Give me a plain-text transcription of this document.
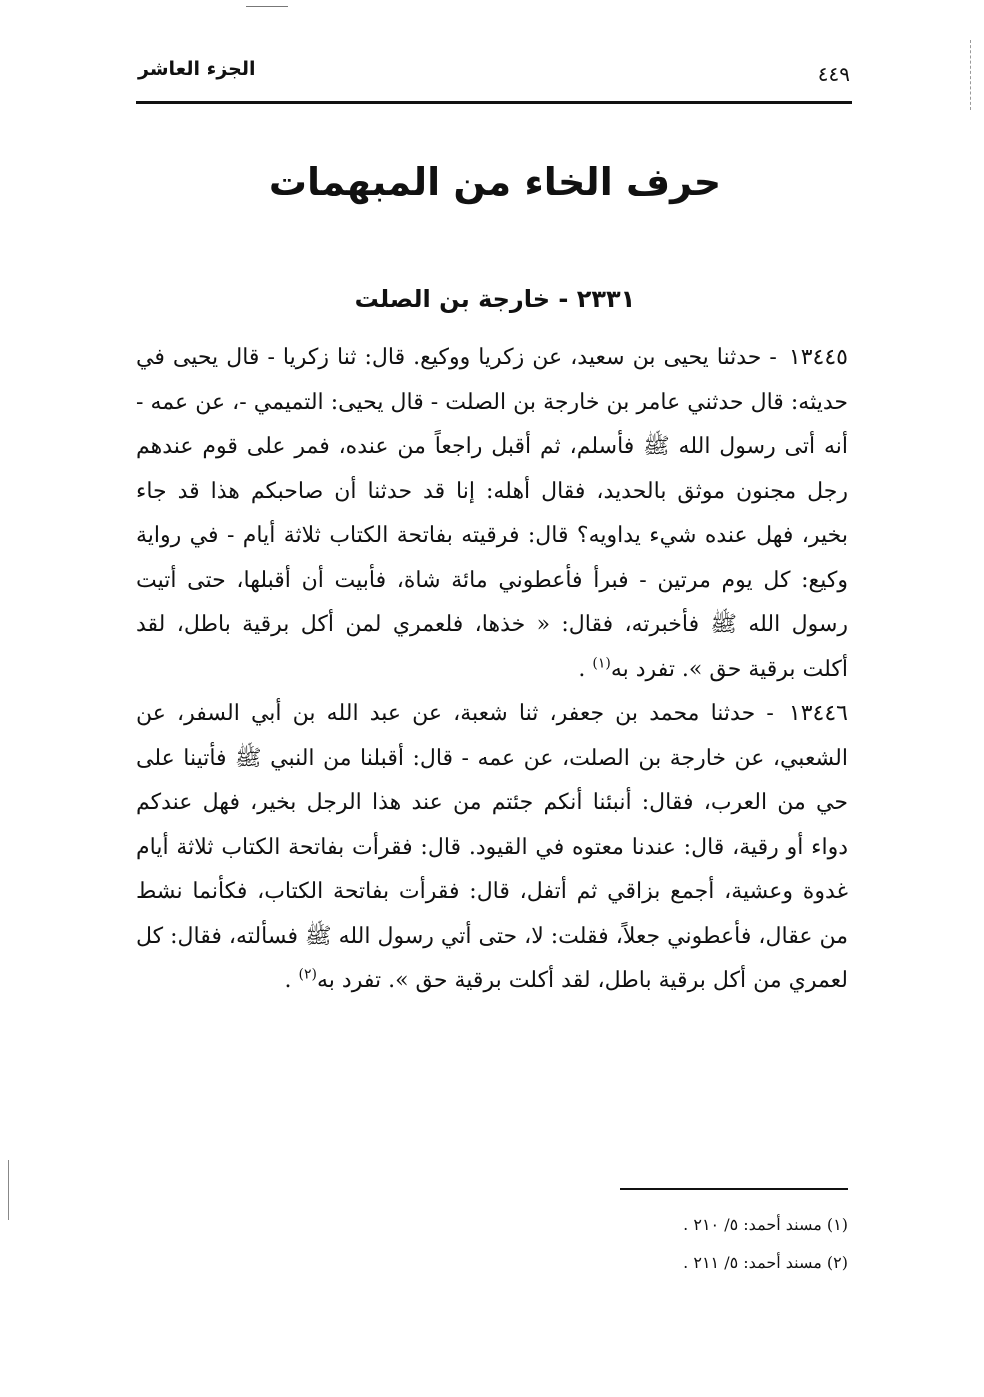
٤٤٩
الجزء العاشر
حرف الخاء من المبهمات
٢٣٣١ - خارجة بن الصلت

١٣٤٤٥ - حدثنا يحيى بن سعيد، عن زكريا ووكيع. قال: ثنا زكريا - قال يحيى في حديثه: قال حدثني عامر بن خارجة بن الصلت - قال يحيى: التميمي -، عن عمه - أنه أتى رسول الله ﷺ فأسلم، ثم أقبل راجعاً من عنده، فمر على قوم عندهم رجل مجنون موثق بالحديد، فقال أهله: إنا قد حدثنا أن صاحبكم هذا قد جاء بخير، فهل عنده شيء يداويه؟ قال: فرقيته بفاتحة الكتاب ثلاثة أيام - في رواية وكيع: كل يوم مرتين - فبرأ فأعطوني مائة شاة، فأبيت أن أقبلها، حتى أتيت رسول الله ﷺ فأخبرته، فقال: « خذها، فلعمري لمن أكل برقية باطل، لقد أكلت برقية حق ». تفرد به$^{(١)}$ .

١٣٤٤٦ - حدثنا محمد بن جعفر، ثنا شعبة، عن عبد الله بن أبي السفر، عن الشعبي، عن خارجة بن الصلت، عن عمه - قال: أقبلنا من النبي ﷺ فأتينا على حي من العرب، فقال: أنبئنا أنكم جئتم من عند هذا الرجل بخير، فهل عندكم دواء أو رقية، قال: عندنا معتوه في القيود. قال: فقرأت بفاتحة الكتاب ثلاثة أيام غدوة وعشية، أجمع بزاقي ثم أتفل، قال: فقرأت بفاتحة الكتاب، فكأنما نشط من عقال، فأعطوني جعلاً، فقلت: لا، حتى أتي رسول الله ﷺ فسألته، فقال: كل لعمري من أكل برقية باطل، لقد أكلت برقية حق ». تفرد به$^{(٢)}$ .

(١) مسند أحمد: ٥/ ٢١٠ .

(٢) مسند أحمد: ٥/ ٢١١ .
